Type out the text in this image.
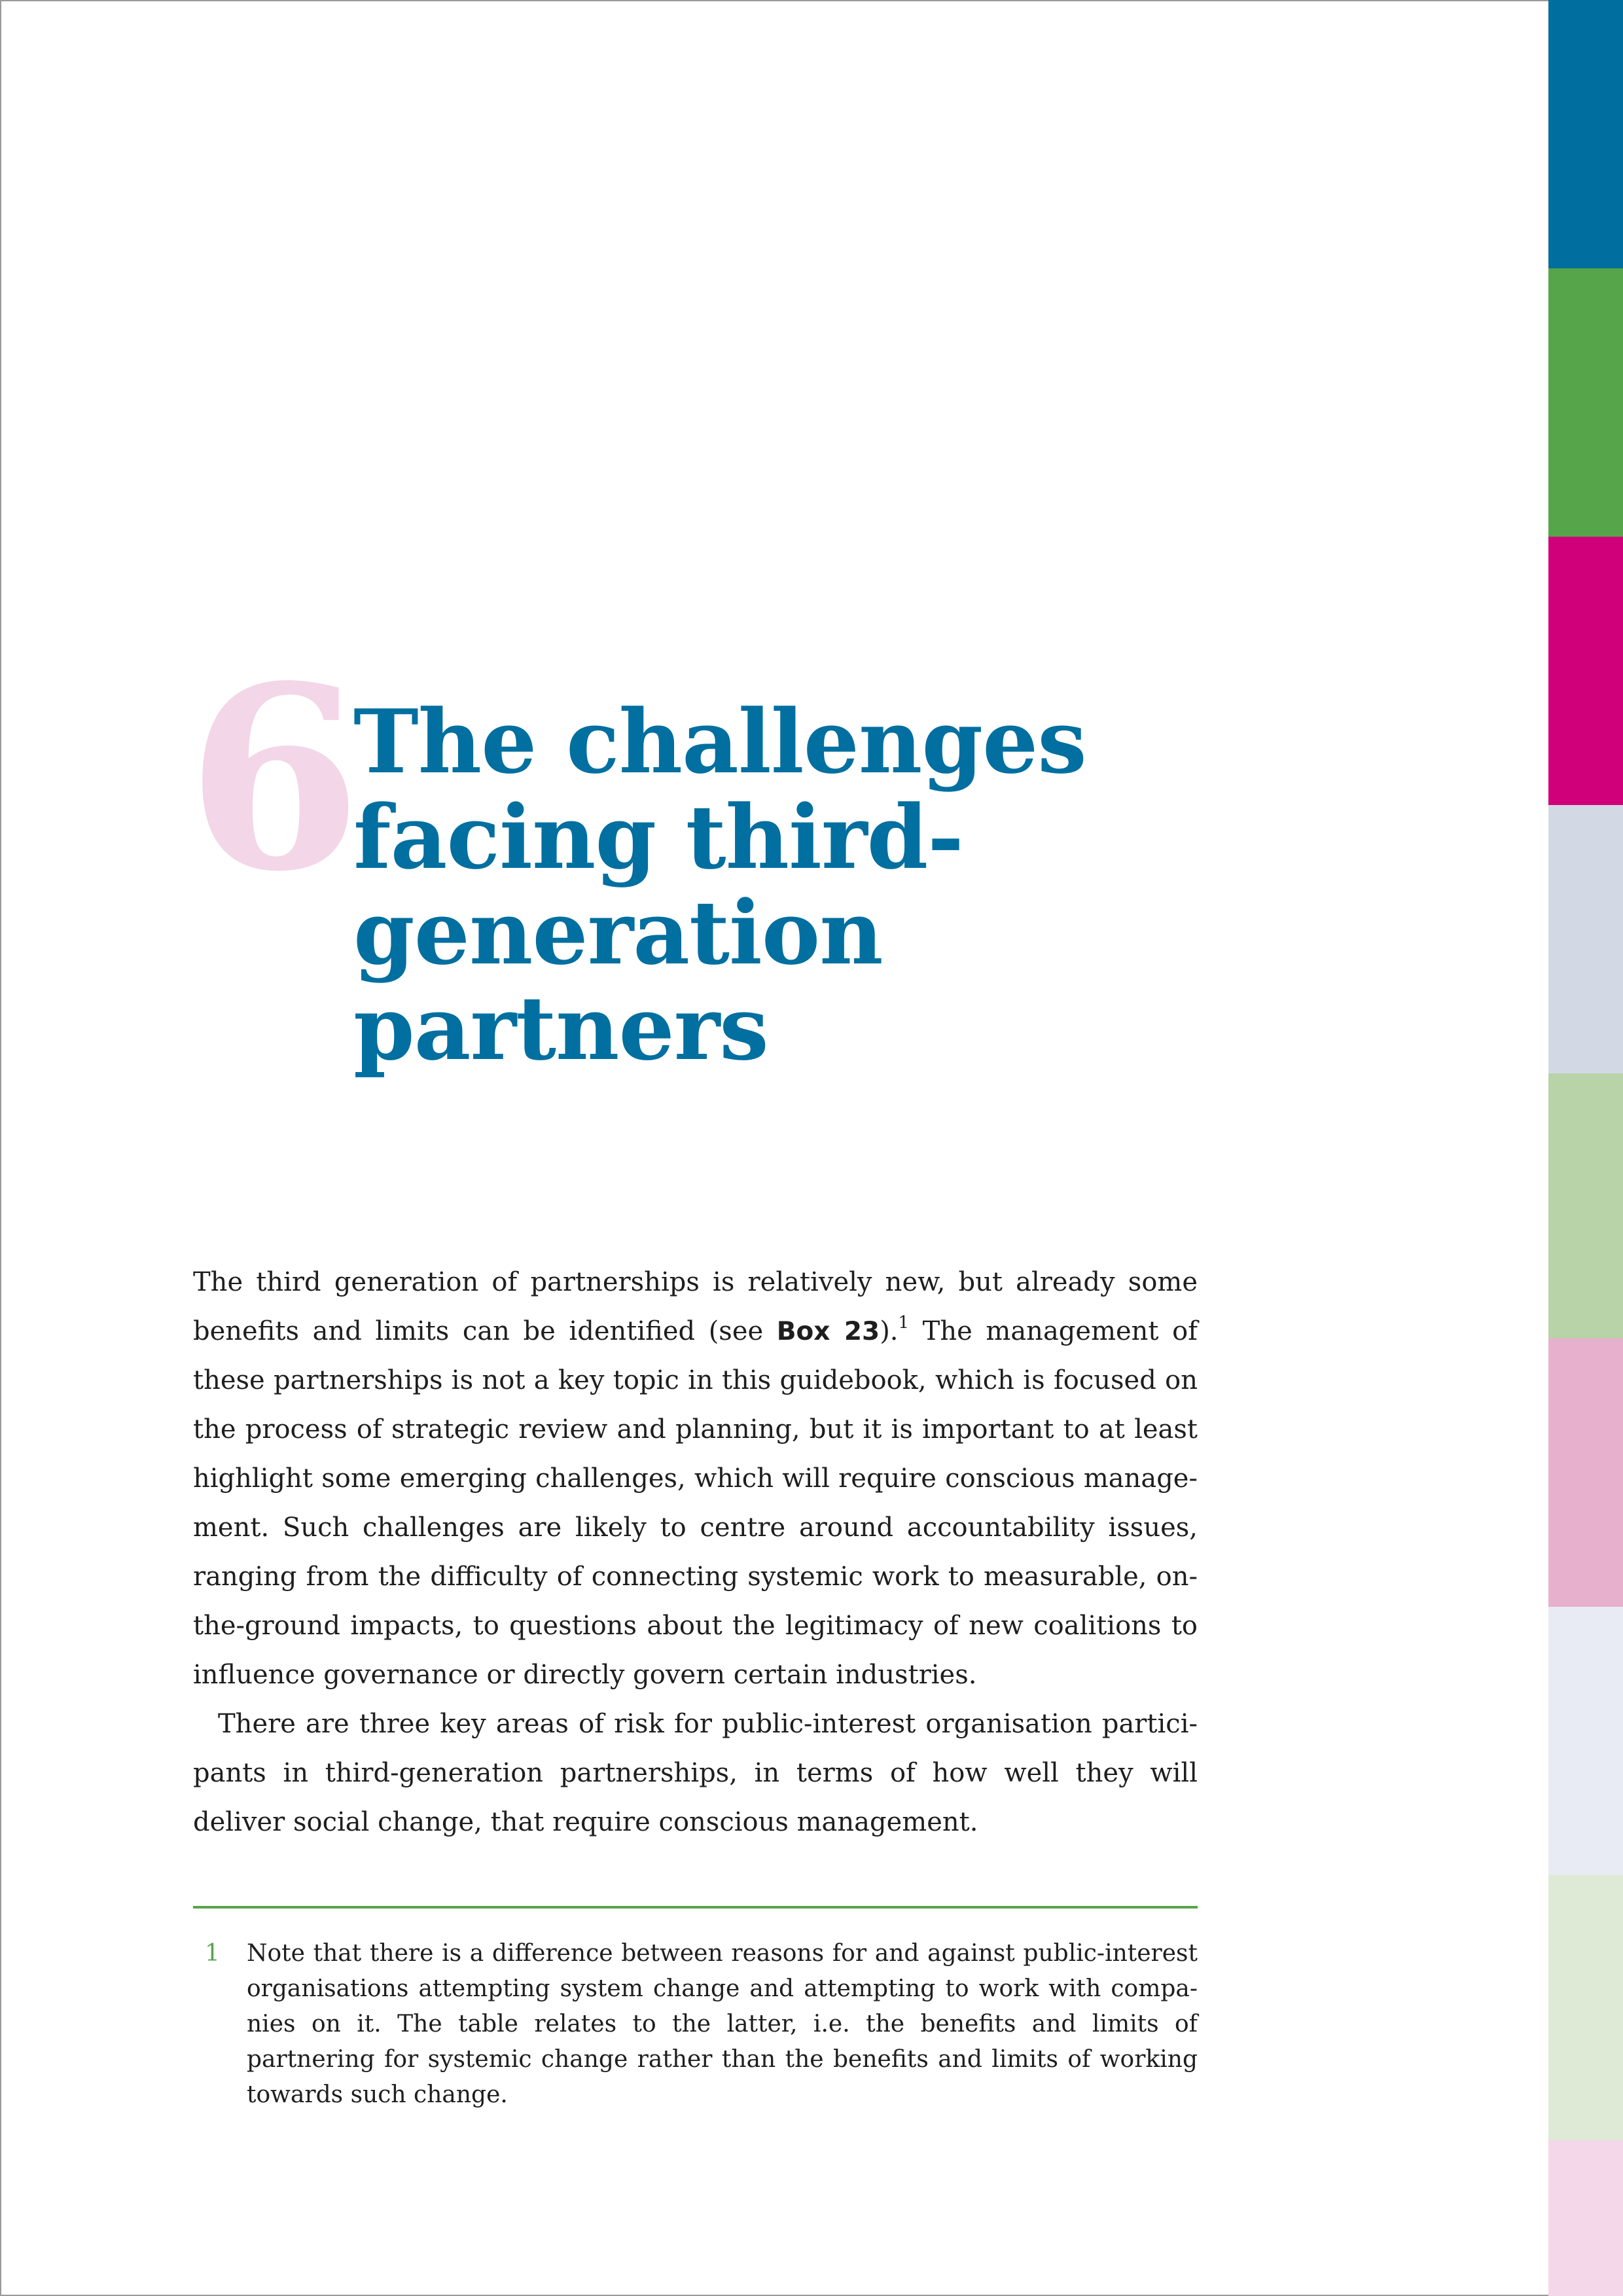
6
The challenges
facing third-
generation
partners

The third generation of partnerships is relatively new, but already some benefits and limits can be identified (see Box 23).$^1$ The management of these partnerships is not a key topic in this guidebook, which is focused on the process of strategic review and planning, but it is important to at least highlight some emerging challenges, which will require conscious manage-ment. Such challenges are likely to centre around accountability issues, ranging from the difficulty of connecting systemic work to measurable, on-the-ground impacts, to questions about the legitimacy of new coalitions to influence governance or directly govern certain industries.

There are three key areas of risk for public-interest organisation partici-pants in third-generation partnerships, in terms of how well they will deliver social change, that require conscious management.

1	Note that there is a difference between reasons for and against public-interest organisations attempting system change and attempting to work with compa-nies on it. The table relates to the latter, i.e. the benefits and limits of partnering for systemic change rather than the benefits and limits of working towards such change.
